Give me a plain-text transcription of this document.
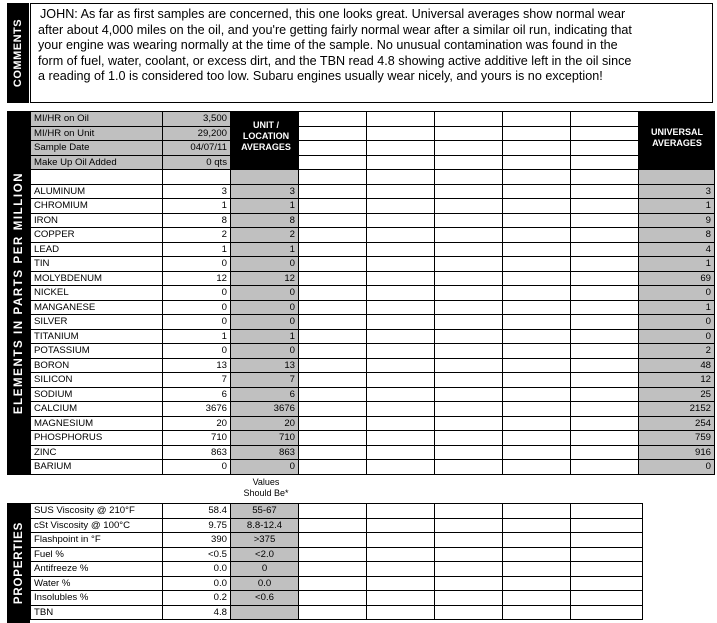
COMMENTS
JOHN: As far as first samples are concerned, this one looks great. Universal averages show normal wear
after about 4,000 miles on the oil, and you're getting fairly normal wear after a similar oil run, indicating that
your engine was wearing normally at the time of the sample. No unusual contamination was found in the
form of fuel, water, coolant, or excess dirt, and the TBN read 4.8 showing active additive left in the oil since
a reading of 1.0 is considered too low. Subaru engines usually wear nicely, and yours is no exception!
ELEMENTS IN PARTS PER MILLION
MI/HR on Oil	3,500							
MI/HR on Unit	29,200							
Sample Date	04/07/11							
Make Up Oil Added	0 qts							

ALUMINUM	3	3						3
CHROMIUM	1	1						1
IRON	8	8						9
COPPER	2	2						8
LEAD	1	1						4
TIN	0	0						1
MOLYBDENUM	12	12						69
NICKEL	0	0						0
MANGANESE	0	0						1
SILVER	0	0						0
TITANIUM	1	1						0
POTASSIUM	0	0						2
BORON	13	13						48
SILICON	7	7						12
SODIUM	6	6						25
CALCIUM	3676	3676						2152
MAGNESIUM	20	20						254
PHOSPHORUS	710	710						759
ZINC	863	863						916
BARIUM	0	0						0
UNIT /
LOCATION
AVERAGES
UNIVERSAL
AVERAGES
Values
Should Be*
PROPERTIES
SUS Viscosity @ 210°F	58.4	55-67					
cSt Viscosity @ 100°C	9.75	8.8-12.4					
Flashpoint in °F	390	>375					
Fuel %	<0.5	<2.0					
Antifreeze %	0.0	0					
Water %	0.0	0.0					
Insolubles %	0.2	<0.6					
TBN	4.8						
